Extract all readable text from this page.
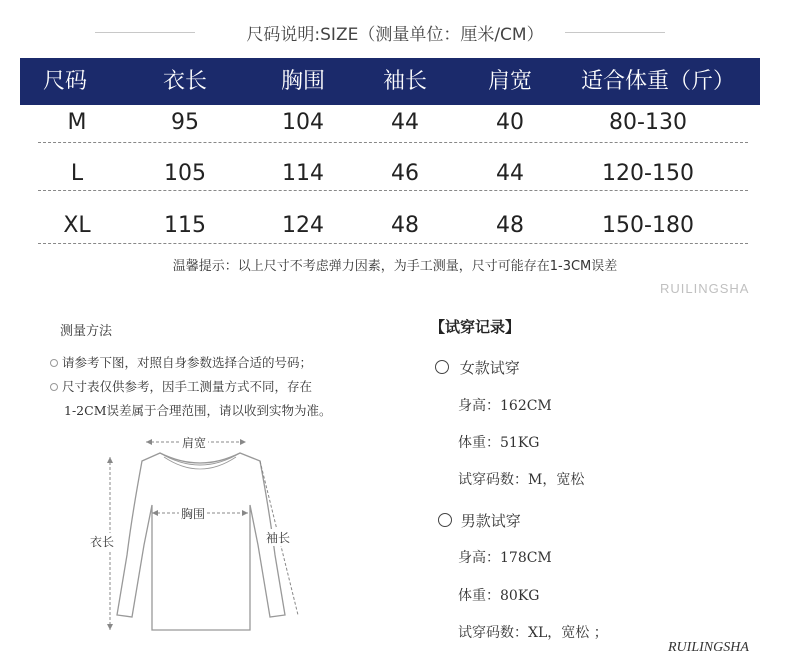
尺码说明:SIZE（测量单位：厘米/CM）
尺码	衣长	胸围	袖长	肩宽	适合体重（斤）
M	95	104	44	40	80-130
L	105	114	46	44	120-150
XL	115	124	48	48	150-180
温馨提示：以上尺寸不考虑弹力因素，为手工测量，尺寸可能存在1-3CM误差
RUILINGSHA
测量方法
请参考下图，对照自身参数选择合适的号码；
尺寸表仅供参考，因手工测量方式不同，存在
1-2CM误差属于合理范围，请以收到实物为准。
肩宽
胸围
衣长	袖长
【试穿记录】
女款试穿
身高：162CM
体重：51KG
试穿码数：M，宽松
男款试穿
身高：178CM
体重：80KG
试穿码数：XL，宽松 ；
RUILINGSHA
